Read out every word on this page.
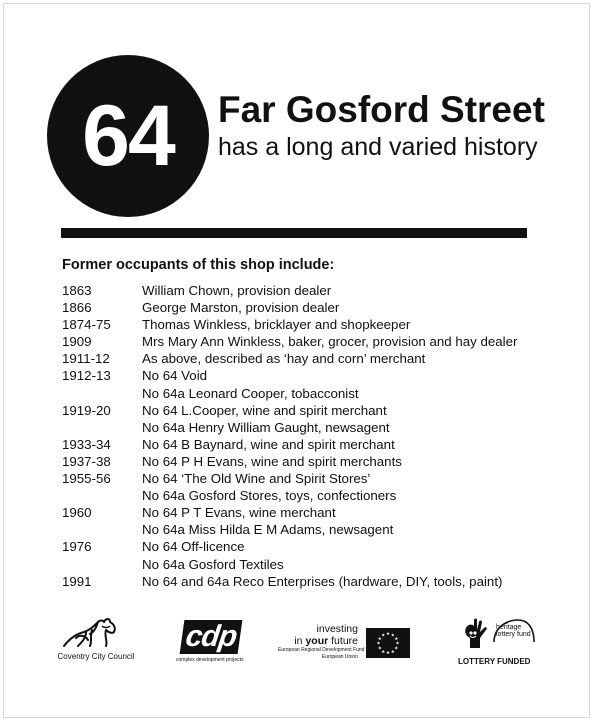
64 Far Gosford Street

has a long and varied history

Former occupants of this shop include:
1863	William Chown, provision dealer
1866	George Marston, provision dealer
1874-75	Thomas Winkless, bricklayer and shopkeeper
1909	Mrs Mary Ann Winkless, baker, grocer, provision and hay dealer
1911-12	As above, described as ‘hay and corn’ merchant
1912-13	No 64 Void
No 64a Leonard Cooper, tobacconist
1919-20	No 64 L.Cooper, wine and spirit merchant
No 64a Henry William Gaught, newsagent
1933-34	No 64 B Baynard, wine and spirit merchant
1937-38	No 64 P H Evans, wine and spirit merchants
1955-56	No 64 ‘The Old Wine and Spirit Stores’
No 64a Gosford Stores, toys, confectioners
1960	No 64 P T Evans, wine merchant
No 64a Miss Hilda E M Adams, newsagent
1976	No 64 Off-licence
No 64a Gosford Textiles
1991	No 64 and 64a Reco Enterprises (hardware, DIY, tools, paint)
Coventry City Council
cdp
complex development projects
investing
in your future
European Regional Development Fund
European Union
★
★
★
★
★
★
★
★
★ ★ ★
★
heritage
lottery fund
LOTTERY FUNDED
